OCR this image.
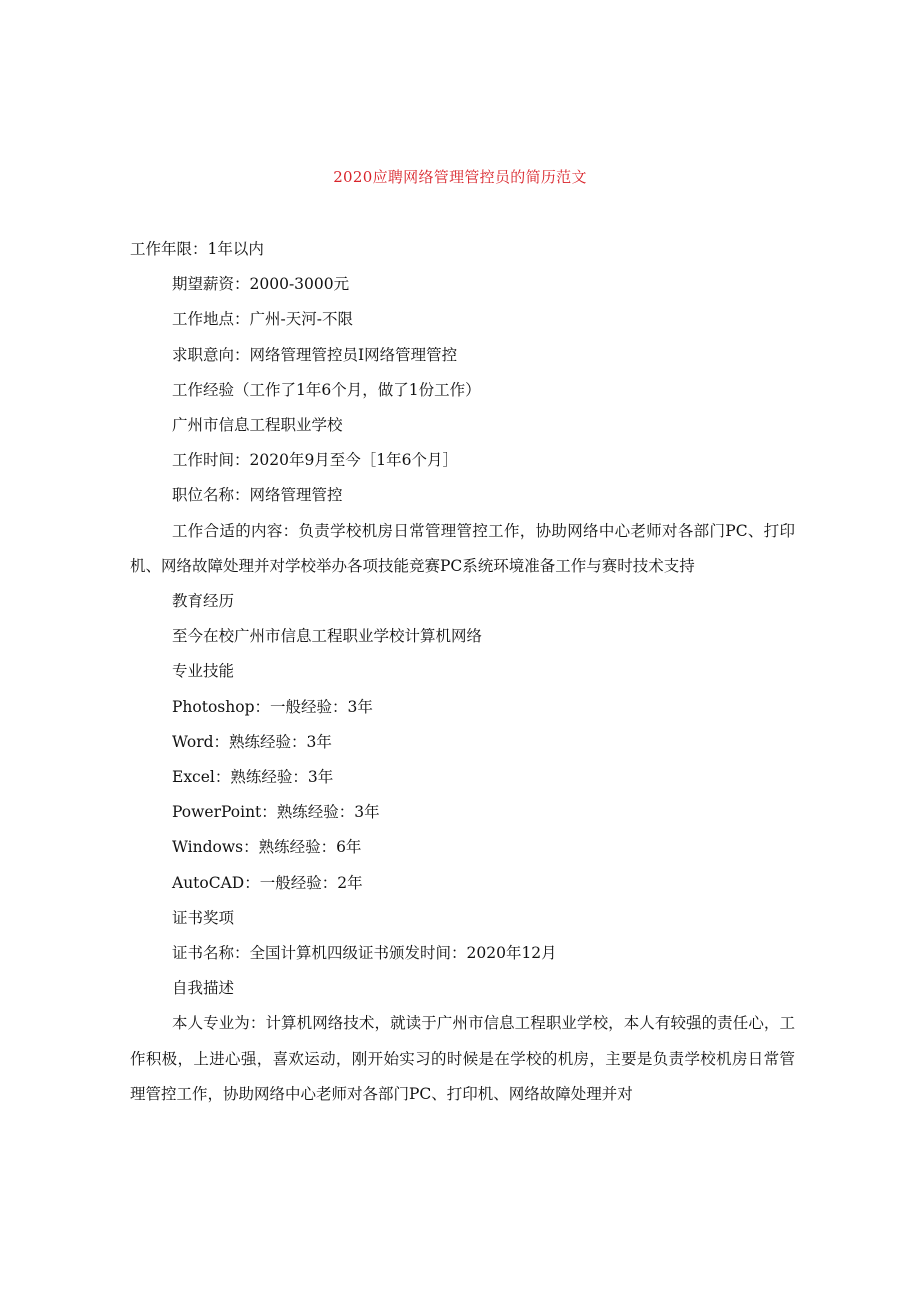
2020应聘网络管理管控员的简历范文
工作年限：1年以内
期望薪资：2000-3000元
工作地点：广州-天河-不限
求职意向：网络管理管控员I网络管理管控
工作经验（工作了1年6个月，做了1份工作）
广州市信息工程职业学校
工作时间：2020年9月至今［1年6个月］
职位名称：网络管理管控
工作合适的内容：负责学校机房日常管理管控工作，协助网络中心老师对各部门PC、打印机、网络故障处理并对学校举办各项技能竞赛PC系统环境准备工作与赛时技术支持
教育经历
至今在校广州市信息工程职业学校计算机网络
专业技能
Photoshop：一般经验：3年
Word：熟练经验：3年
Excel：熟练经验：3年
PowerPoint：熟练经验：3年
Windows：熟练经验：6年
AutoCAD：一般经验：2年
证书奖项
证书名称：全国计算机四级证书颁发时间：2020年12月
自我描述
本人专业为：计算机网络技术，就读于广州市信息工程职业学校，本人有较强的责任心，工作积极，上进心强，喜欢运动，刚开始实习的时候是在学校的机房，主要是负责学校机房日常管理管控工作，协助网络中心老师对各部门PC、打印机、网络故障处理并对
